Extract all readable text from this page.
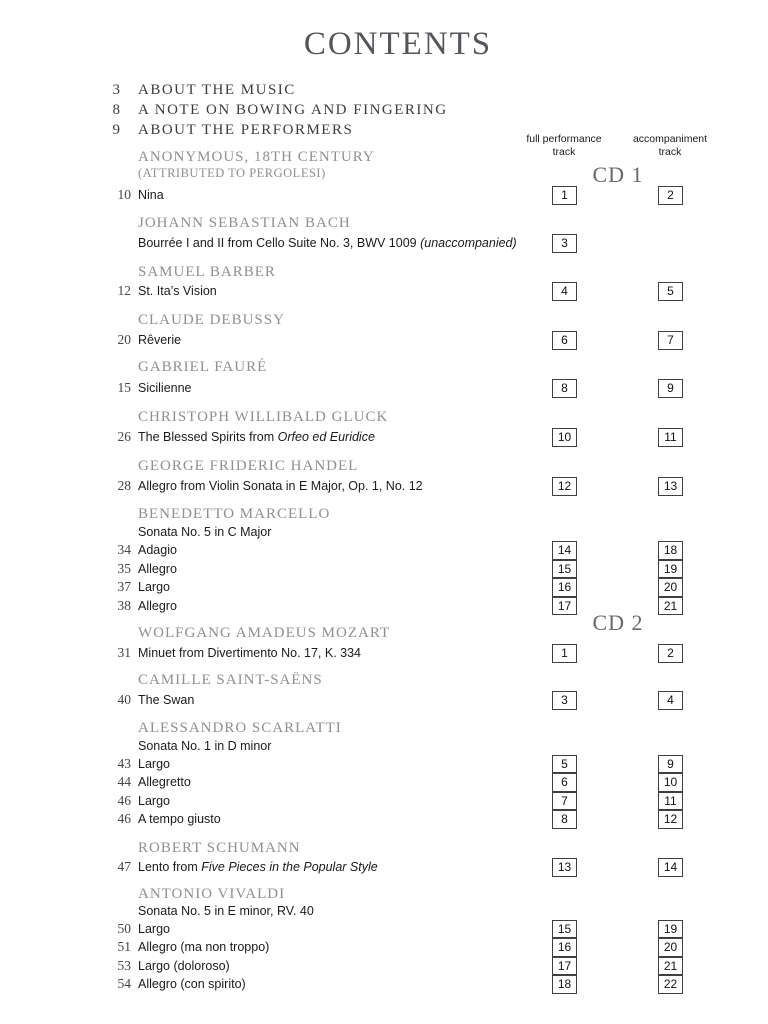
CONTENTS
3 ABOUT THE MUSIC
8 A NOTE ON BOWING AND FINGERING
9 ABOUT THE PERFORMERS
full performance
track
accompaniment
track
CD 1
CD 2
ANONYMOUS, 18TH CENTURY
(ATTRIBUTED TO PERGOLESI)
10 Nina	1	2
JOHANN SEBASTIAN BACH
Bourrée I and II from Cello Suite No. 3, BWV 1009 (unaccompanied)	3
SAMUEL BARBER
12 St. Ita’s Vision	4	5
CLAUDE DEBUSSY
20 Rêverie	6	7
GABRIEL FAURÉ
15 Sicilienne	8	9
CHRISTOPH WILLIBALD GLUCK
26 The Blessed Spirits from Orfeo ed Euridice	10	11
GEORGE FRIDERIC HANDEL
28 Allegro from Violin Sonata in E Major, Op. 1, No. 12	12	13
BENEDETTO MARCELLO
Sonata No. 5 in C Major
34 Adagio	14	18
35 Allegro	15	19
37 Largo	16	20
38 Allegro	17	21
WOLFGANG AMADEUS MOZART
31 Minuet from Divertimento No. 17, K. 334	1	2
CAMILLE SAINT-SAËNS
40 The Swan	3	4
ALESSANDRO SCARLATTI
Sonata No. 1 in D minor
43 Largo	5	9
44 Allegretto	6	10
46 Largo	7	11
46 A tempo giusto	8	12
ROBERT SCHUMANN
47 Lento from Five Pieces in the Popular Style	13	14
ANTONIO VIVALDI
Sonata No. 5 in E minor, RV. 40
50 Largo	15	19
51 Allegro (ma non troppo)	16	20
53 Largo (doloroso)	17	21
54 Allegro (con spirito)	18	22
